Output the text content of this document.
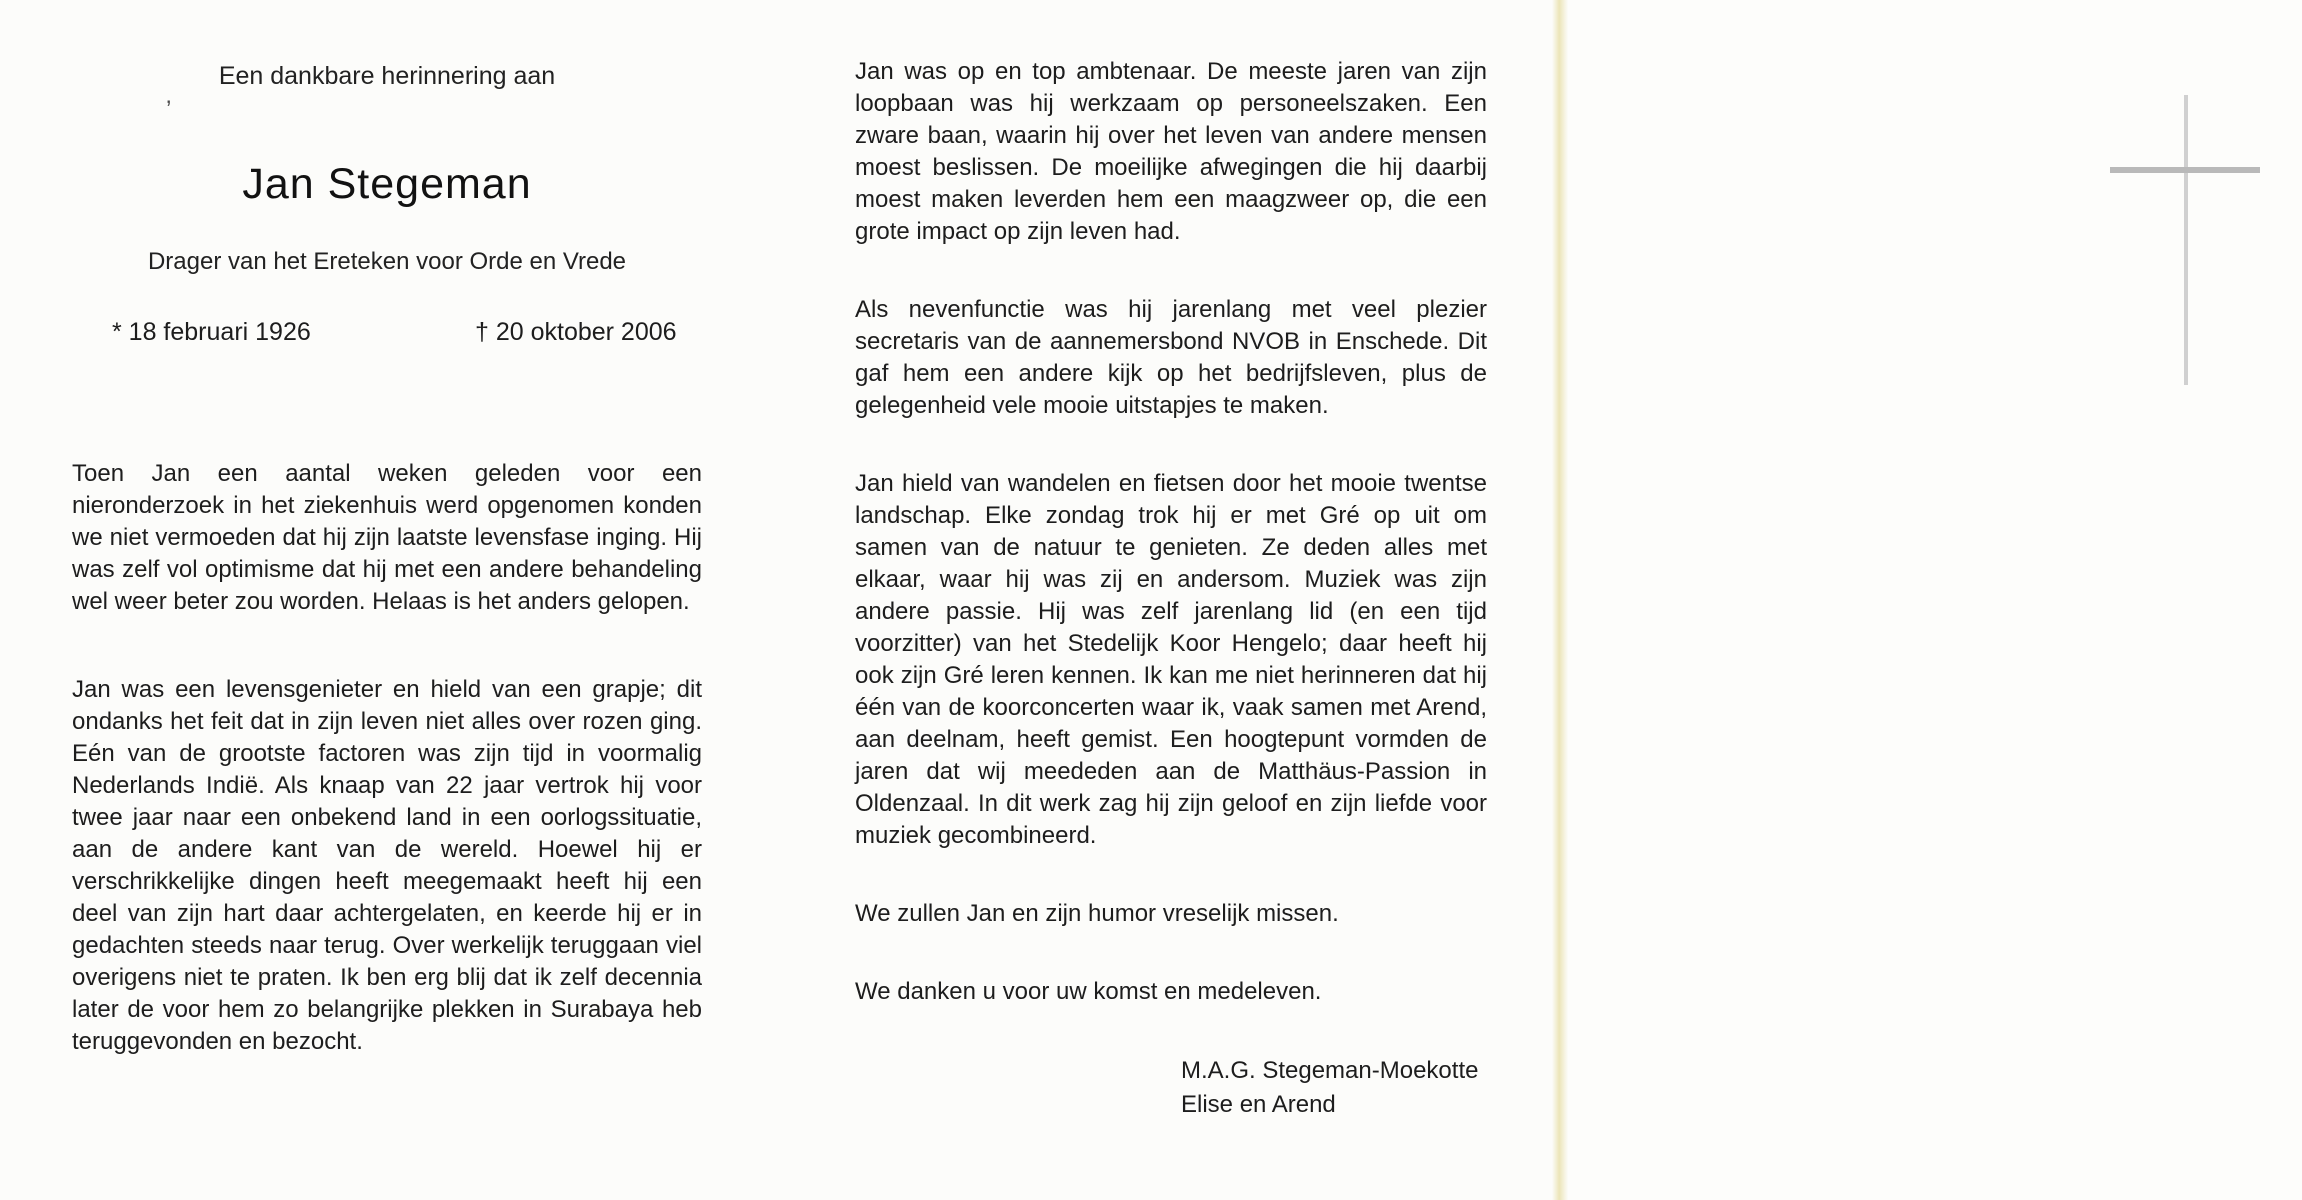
Een dankbare herinnering aan
’
Jan Stegeman
Drager van het Ereteken voor Orde en Vrede
* 18 februari 1926	† 20 oktober 2006

Toen Jan een aantal weken geleden voor een nieronderzoek in het ziekenhuis werd opgenomen konden we niet vermoeden dat hij zijn laatste levensfase inging. Hij was zelf vol optimisme dat hij met een andere behandeling wel weer beter zou worden. Helaas is het anders gelopen.

Jan was een levensgenieter en hield van een grapje; dit ondanks het feit dat in zijn leven niet alles over rozen ging. Eén van de grootste factoren was zijn tijd in voormalig Nederlands Indië. Als knaap van 22 jaar vertrok hij voor twee jaar naar een onbekend land in een oorlogssituatie, aan de andere kant van de wereld. Hoewel hij er verschrikkelijke dingen heeft meegemaakt heeft hij een deel van zijn hart daar achtergelaten, en keerde hij er in gedachten steeds naar terug. Over werkelijk teruggaan viel overigens niet te praten. Ik ben erg blij dat ik zelf decennia later de voor hem zo belangrijke plekken in Surabaya heb teruggevonden en bezocht.

Jan was op en top ambtenaar. De meeste jaren van zijn loopbaan was hij werkzaam op personeelszaken. Een zware baan, waarin hij over het leven van andere mensen moest beslissen. De moeilijke afwegingen die hij daarbij moest maken leverden hem een maagzweer op, die een grote impact op zijn leven had.

Als nevenfunctie was hij jarenlang met veel plezier secretaris van de aannemersbond NVOB in Enschede. Dit gaf hem een andere kijk op het bedrijfsleven, plus de gelegenheid vele mooie uitstapjes te maken.

Jan hield van wandelen en fietsen door het mooie twentse landschap. Elke zondag trok hij er met Gré op uit om samen van de natuur te genieten. Ze deden alles met elkaar, waar hij was zij en andersom. Muziek was zijn andere passie. Hij was zelf jarenlang lid (en een tijd voorzitter) van het Stedelijk Koor Hengelo; daar heeft hij ook zijn Gré leren kennen. Ik kan me niet herinneren dat hij één van de koorconcerten waar ik, vaak samen met Arend, aan deelnam, heeft gemist. Een hoogtepunt vormden de jaren dat wij meededen aan de Matthäus-Passion in Oldenzaal. In dit werk zag hij zijn geloof en zijn liefde voor muziek gecombineerd.

We zullen Jan en zijn humor vreselijk missen.

We danken u voor uw komst en medeleven.

M.A.G. Stegeman-Moekotte
Elise en Arend
